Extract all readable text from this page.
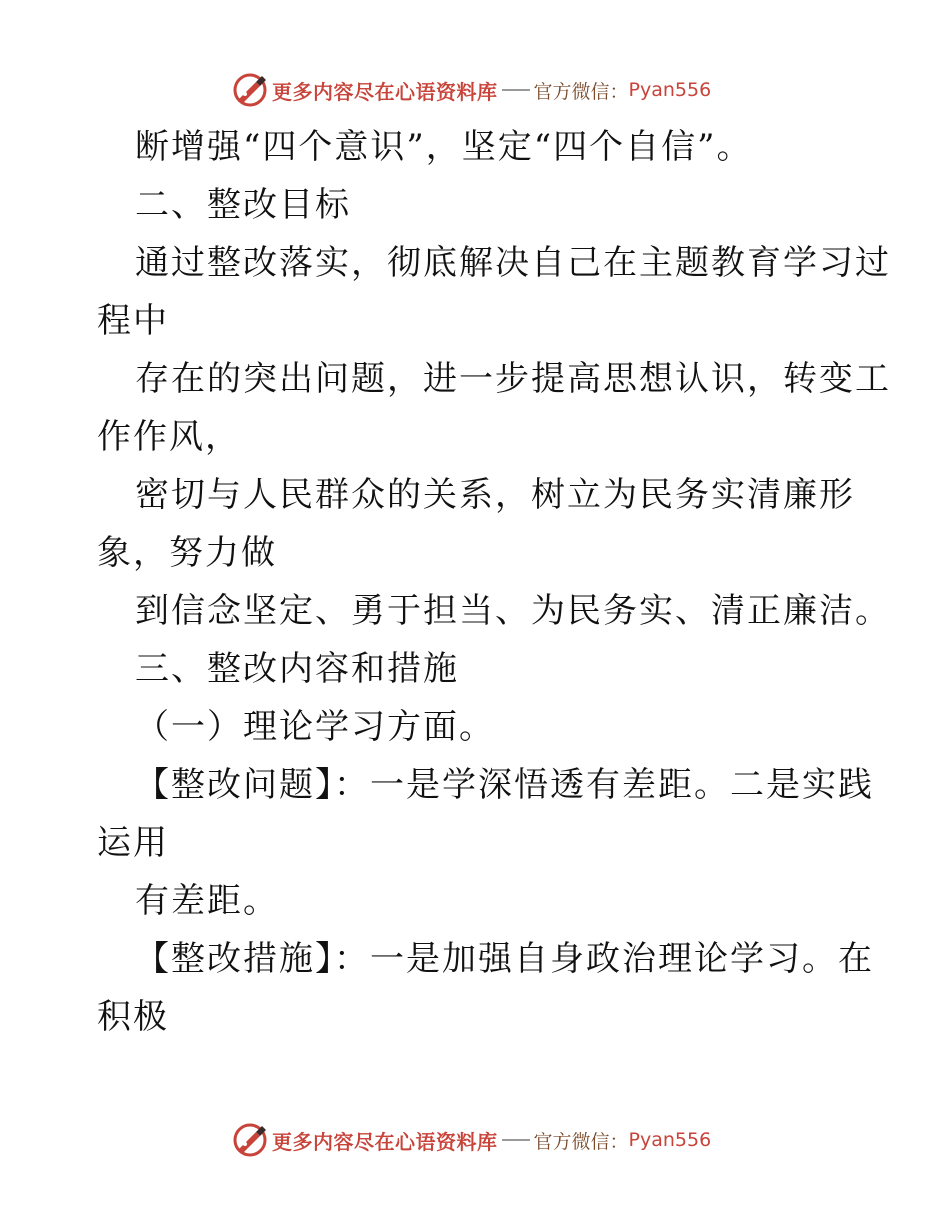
更多内容尽在心语资料库 官方微信： Pyan556
断增强“四个意识”，坚定“四个自信”。
二、整改目标
通过整改落实，彻底解决自己在主题教育学习过
程中
存在的突出问题，进一步提高思想认识，转变工
作作风，
密切与人民群众的关系，树立为民务实清廉形
象，努力做
到信念坚定、勇于担当、为民务实、清正廉洁。
三、整改内容和措施
（一）理论学习方面。
【整改问题】：一是学深悟透有差距。二是实践
运用
有差距。
【整改措施】：一是加强自身政治理论学习。在
积极
更多内容尽在心语资料库 官方微信： Pyan556
